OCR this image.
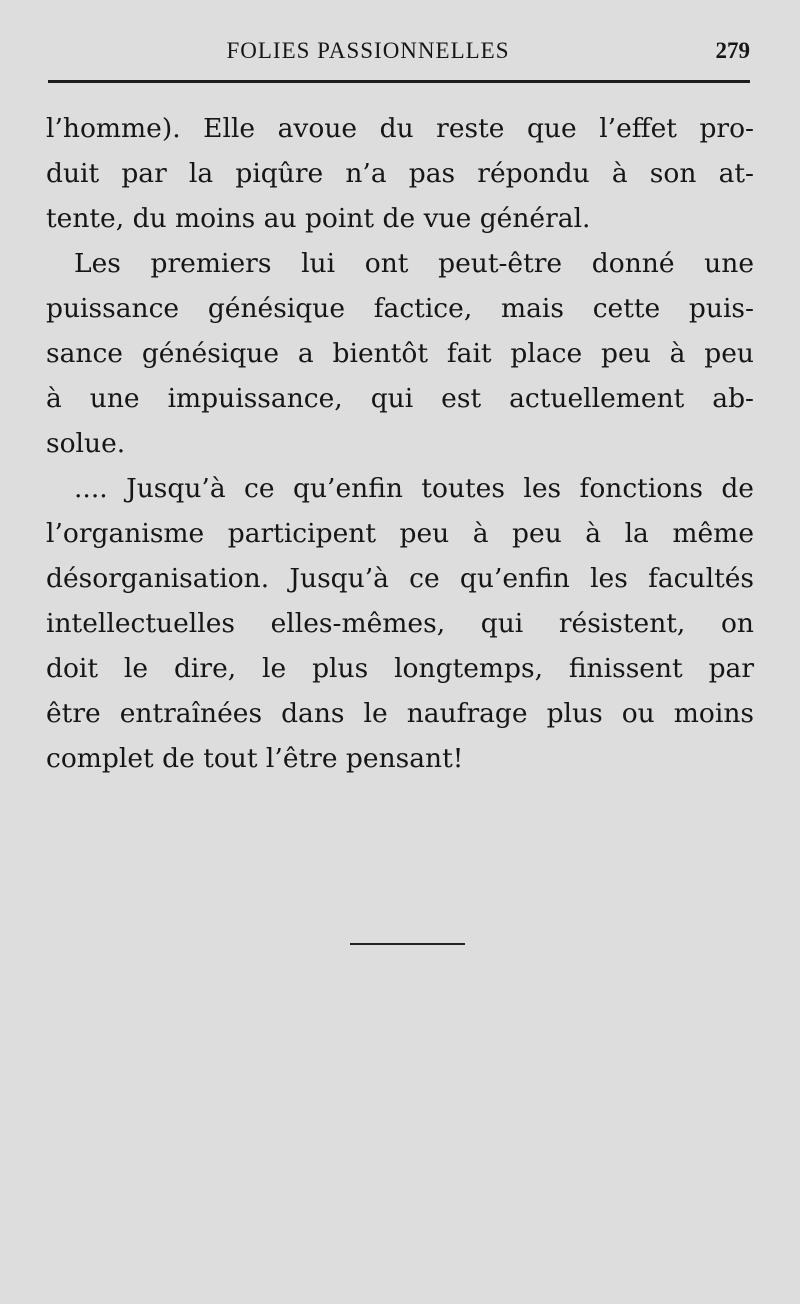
FOLIES PASSIONNELLES	279

l’homme). Elle avoue du reste que l’effet pro-
duit par la piqûre n’a pas répondu à son at-
tente, du moins au point de vue général.

Les premiers lui ont peut-être donné une
puissance génésique factice, mais cette puis-
sance génésique a bientôt fait place peu à peu
à une impuissance, qui est actuellement ab-
solue.

.... Jusqu’à ce qu’enfin toutes les fonctions de
l’organisme participent peu à peu à la même
désorganisation. Jusqu’à ce qu’enfin les facultés
intellectuelles elles-mêmes, qui résistent, on
doit le dire, le plus longtemps, finissent par
être entraînées dans le naufrage plus ou moins
complet de tout l’être pensant!
